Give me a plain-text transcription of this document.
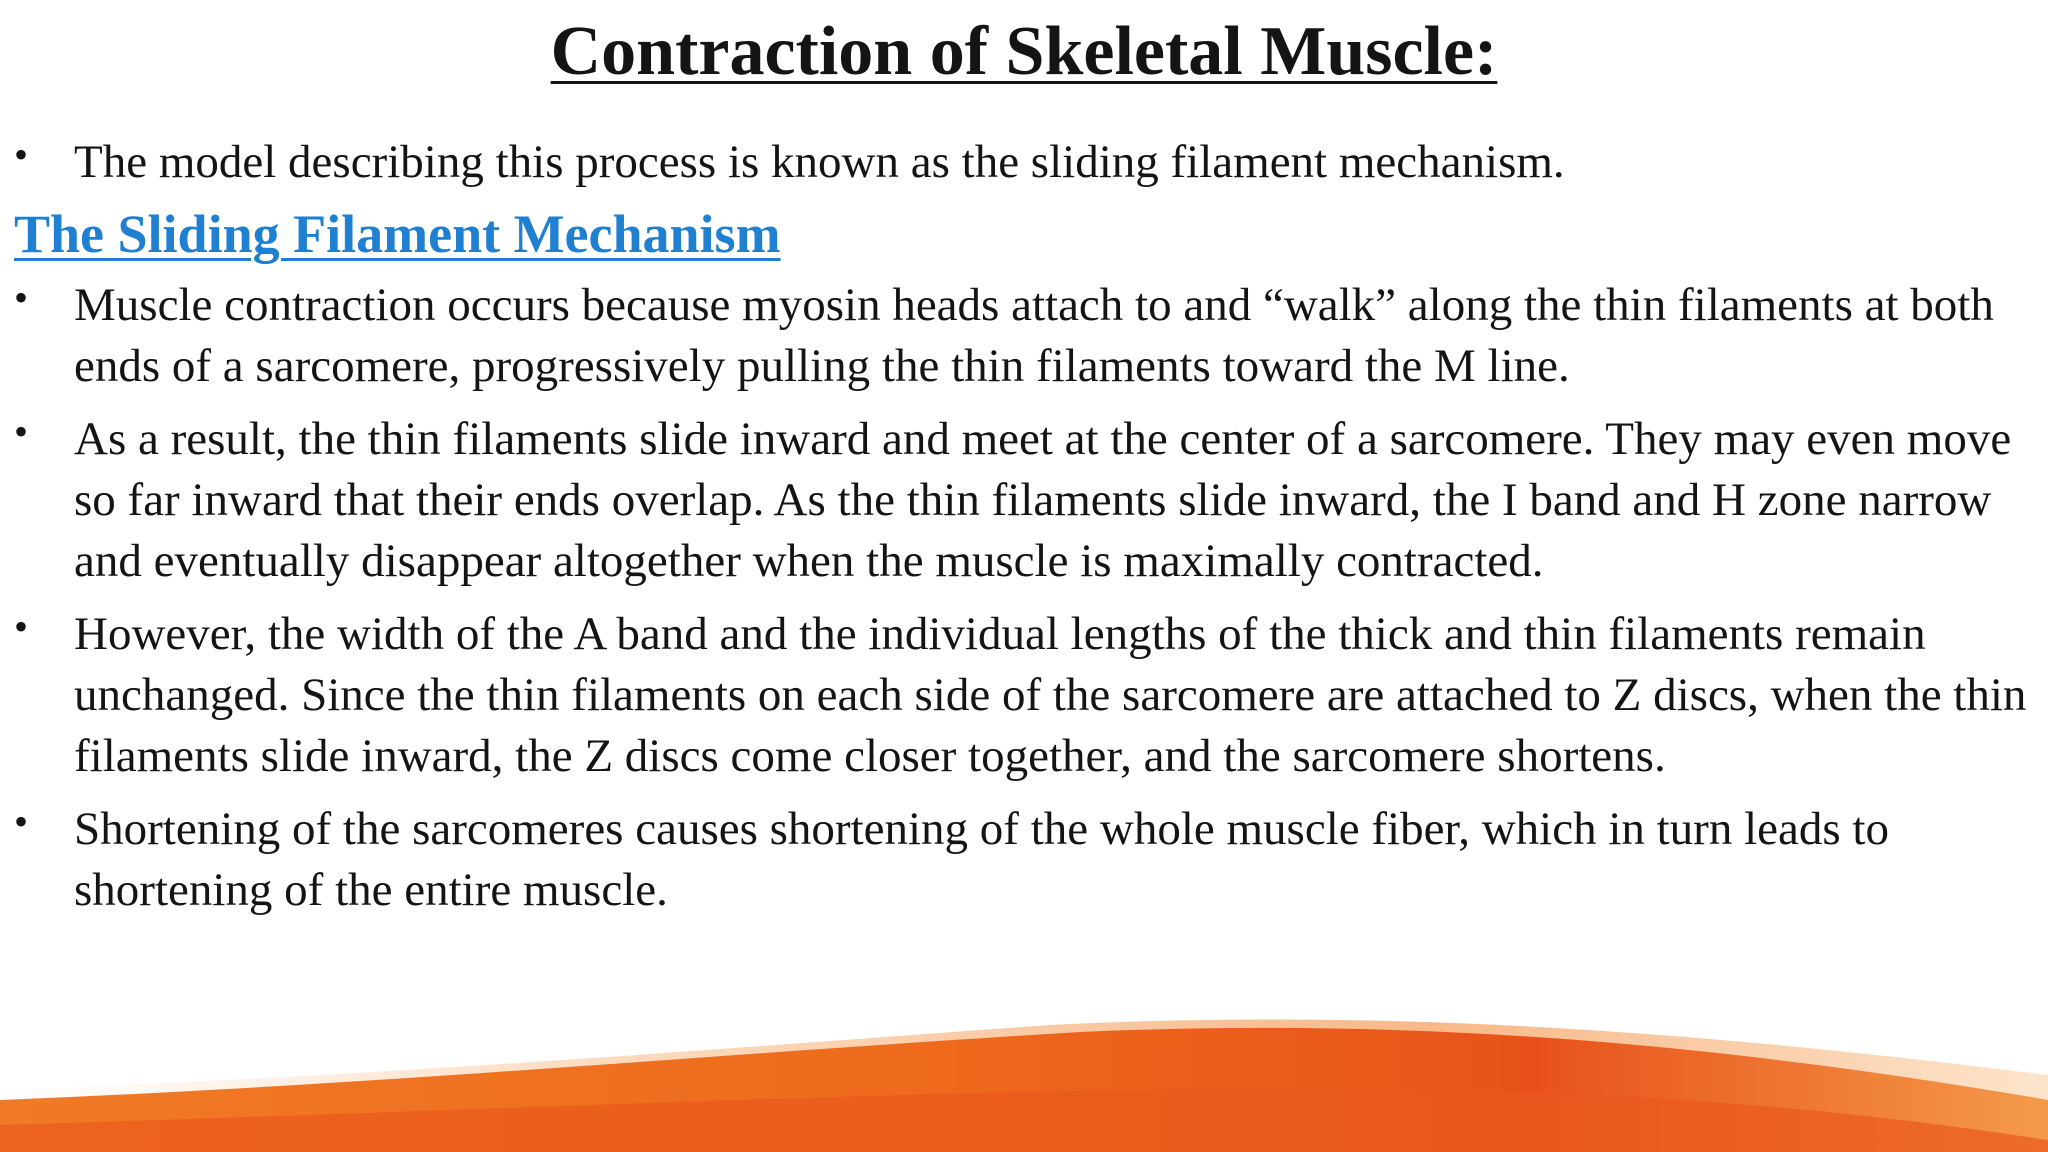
Contraction of Skeletal Muscle:
• The model describing this process is known as the sliding filament mechanism.
The Sliding Filament Mechanism
• Muscle contraction occurs because myosin heads attach to and “walk” along the thin filaments at both ends of a sarcomere, progressively pulling the thin filaments toward the M line.
• As a result, the thin filaments slide inward and meet at the center of a sarcomere. They may even move so far inward that their ends overlap. As the thin filaments slide inward, the I band and H zone narrow and eventually disappear altogether when the muscle is maximally contracted.
• However, the width of the A band and the individual lengths of the thick and thin filaments remain unchanged. Since the thin filaments on each side of the sarcomere are attached to Z discs, when the thin filaments slide inward, the Z discs come closer together, and the sarcomere shortens.
• Shortening of the sarcomeres causes shortening of the whole muscle fiber, which in turn leads to shortening of the entire muscle.
